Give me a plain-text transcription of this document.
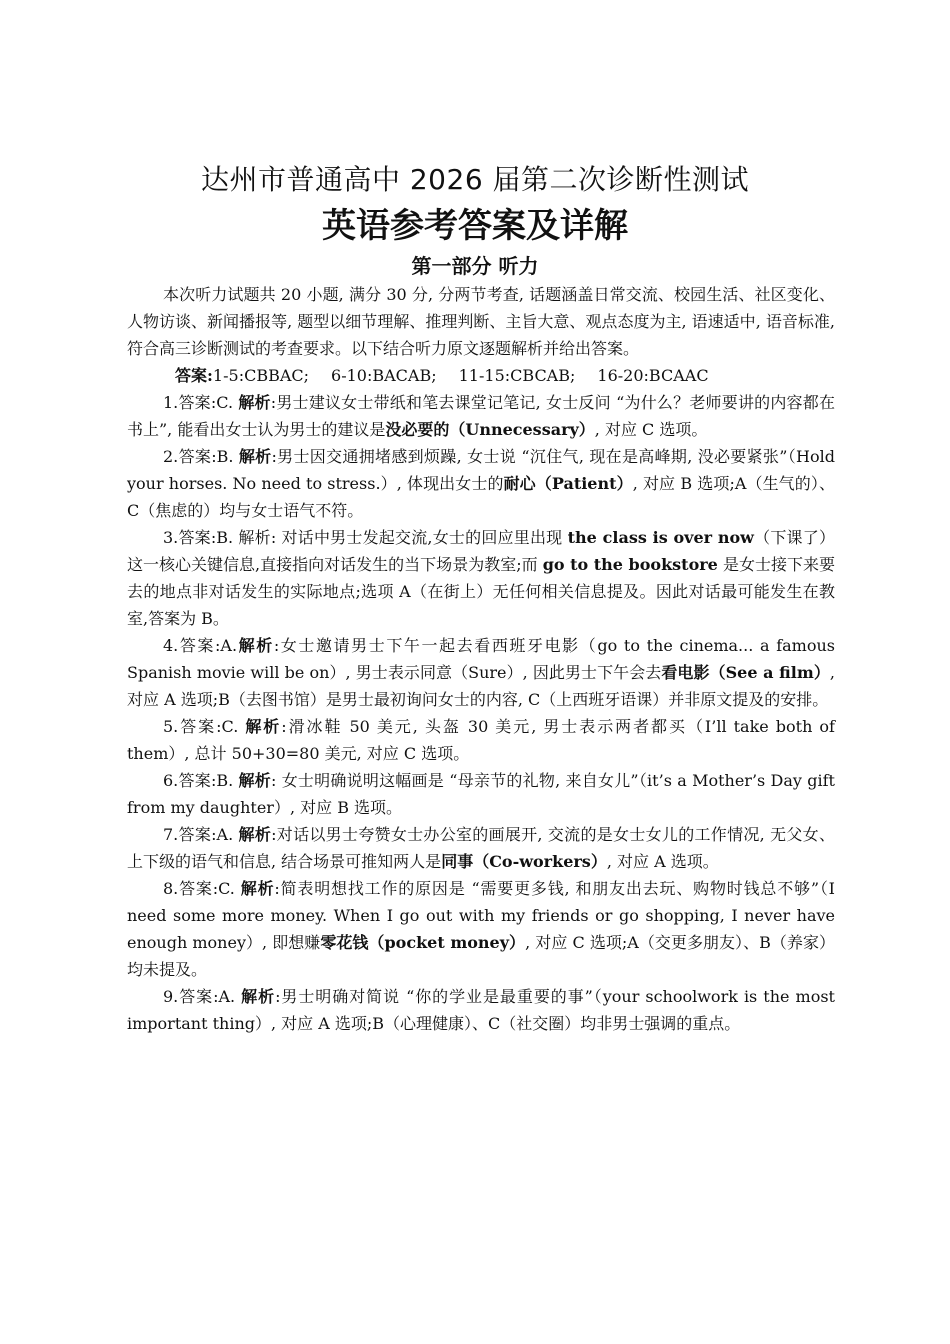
达州市普通高中 2026 届第二次诊断性测试
英语参考答案及详解
第一部分 听力

本次听力试题共 20 小题, 满分 30 分, 分两节考查, 话题涵盖日常交流、校园生活、社区变化、人物访谈、新闻播报等, 题型以细节理解、推理判断、主旨大意、观点态度为主, 语速适中, 语音标准, 符合高三诊断测试的考查要求。以下结合听力原文逐题解析并给出答案。

答案:1-5:CBBAC; 6-10:BACAB; 11-15:CBCAB; 16-20:BCAAC

1.答案:C. 解析:男士建议女士带纸和笔去课堂记笔记, 女士反问 “为什么？老师要讲的内容都在书上”, 能看出女士认为男士的建议是没必要的（Unnecessary）, 对应 C 选项。

2.答案:B. 解析:男士因交通拥堵感到烦躁, 女士说 “沉住气, 现在是高峰期, 没必要紧张”（Hold your horses. No need to stress.）, 体现出女士的耐心（Patient）, 对应 B 选项;A（生气的）、C（焦虑的）均与女士语气不符。

3.答案:B. 解析: 对话中男士发起交流,女士的回应里出现 the class is over now（下课了）这一核心关键信息,直接指向对话发生的当下场景为教室;而 go to the bookstore 是女士接下来要去的地点非对话发生的实际地点;选项 A（在街上）无任何相关信息提及。因此对话最可能发生在教室,答案为 B。

4.答案:A.解析:女士邀请男士下午一起去看西班牙电影（go to the cinema... a famous Spanish movie will be on）, 男士表示同意（Sure）, 因此男士下午会去看电影（See a film）, 对应 A 选项;B（去图书馆）是男士最初询问女士的内容, C（上西班牙语课）并非原文提及的安排。

5.答案:C. 解析:滑冰鞋 50 美元, 头盔 30 美元, 男士表示两者都买（I’ll take both of them）, 总计 50+30=80 美元, 对应 C 选项。

6.答案:B. 解析: 女士明确说明这幅画是 “母亲节的礼物, 来自女儿”（it’s a Mother’s Day gift from my daughter）, 对应 B 选项。

7.答案:A. 解析:对话以男士夸赞女士办公室的画展开, 交流的是女士女儿的工作情况, 无父女、上下级的语气和信息, 结合场景可推知两人是同事（Co-workers）, 对应 A 选项。

8.答案:C. 解析:简表明想找工作的原因是 “需要更多钱, 和朋友出去玩、购物时钱总不够”（I need some more money. When I go out with my friends or go shopping, I never have enough money）, 即想赚零花钱（pocket money）, 对应 C 选项;A（交更多朋友）、B（养家）均未提及。

9.答案:A. 解析:男士明确对简说 “你的学业是最重要的事”（your schoolwork is the most important thing）, 对应 A 选项;B（心理健康）、C（社交圈）均非男士强调的重点。
